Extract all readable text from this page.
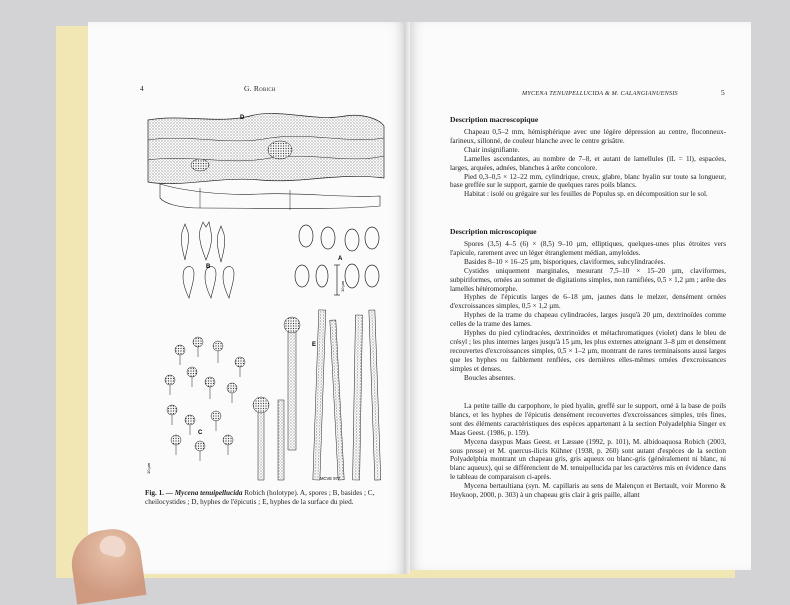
4	G. Robich
D
B
A
10 µm
C
10 µm
E
MCVE 977
Fig. 1. — Mycena tenuipellucida Robich (holotype). A, spores ; B, basides ; C, cheilocystides ; D, hyphes de l'épicutis ; E, hyphes de la surface du pied.
MYCENA TENUIPELLUCIDA & M. CALANGIANUENSIS	5
Description macroscopique

Chapeau 0,5–2 mm, hémisphérique avec une légère dépression au centre, floconneux-farineux, sillonné, de couleur blanche avec le centre grisâtre.

Chair insignifiante.

Lamelles ascendantes, au nombre de 7–8, et autant de lamellules (lL = 1l), espacées, larges, arquées, adnées, blanches à arête concolore.

Pied 0,3–0,5 × 12–22 mm, cylindrique, creux, glabre, blanc hyalin sur toute sa longueur, base greffée sur le support, garnie de quelques rares poils blancs.

Habitat : isolé ou grégaire sur les feuilles de Populus sp. en décomposition sur le sol.

Description microscopique

Spores (3,5) 4–5 (6) × (8,5) 9–10 µm, elliptiques, quelques-unes plus étroites vers l'apicule, rarement avec un léger étranglement médian, amyloïdes.

Basides 8–10 × 16–25 µm, bisporiques, claviformes, subcylindracées.

Cystides uniquement marginales, mesurant 7,5–10 × 15–20 µm, claviformes, subpiriformes, ornées au sommet de digitations simples, non ramifiées, 0,5 × 1,2 µm ; arête des lamelles hétéromorphe.

Hyphes de l'épicutis larges de 6–18 µm, jaunes dans le melzer, densément ornées d'excroissances simples, 0,5 × 1,2 µm.

Hyphes de la trame du chapeau cylindracées, larges jusqu'à 20 µm, dextrinoïdes comme celles de la trame des lames.

Hyphes du pied cylindracées, dextrinoïdes et métachromatiques (violet) dans le bleu de crésyl ; les plus internes larges jusqu'à 15 µm, les plus externes atteignant 3–8 µm et densément recouvertes d'excroissances simples, 0,5 × 1–2 µm, montrant de rares terminaisons aussi larges que les hyphes ou faiblement renflées, ces dernières elles-mêmes ornées d'excroissances simples et denses.

Boucles absentes.

La petite taille du carpophore, le pied hyalin, greffé sur le support, orné à la base de poils blancs, et les hyphes de l'épicutis densément recouvertes d'excroissances simples, très fines, sont des éléments caractéristiques des espèces appartenant à la section Polyadelphia Singer ex Maas Geest. (1986, p. 159).

Mycena dasypus Maas Geest. et Læssøe (1992, p. 101), M. albidoaquosa Robich (2003, sous presse) et M. quercus-ilicis Kühner (1938, p. 260) sont autant d'espèces de la section Polyadelphia montrant un chapeau gris, gris aqueux ou blanc-gris (généralement ni blanc, ni blanc aqueux), qui se différencient de M. tenuipellucida par les caractères mis en évidence dans le tableau de comparaison ci-après.

Mycena bertaultiana (syn. M. capillaris au sens de Malençon et Bertault, voir Moreno & Heykoop, 2000, p. 303) à un chapeau gris clair à gris paille, allant
